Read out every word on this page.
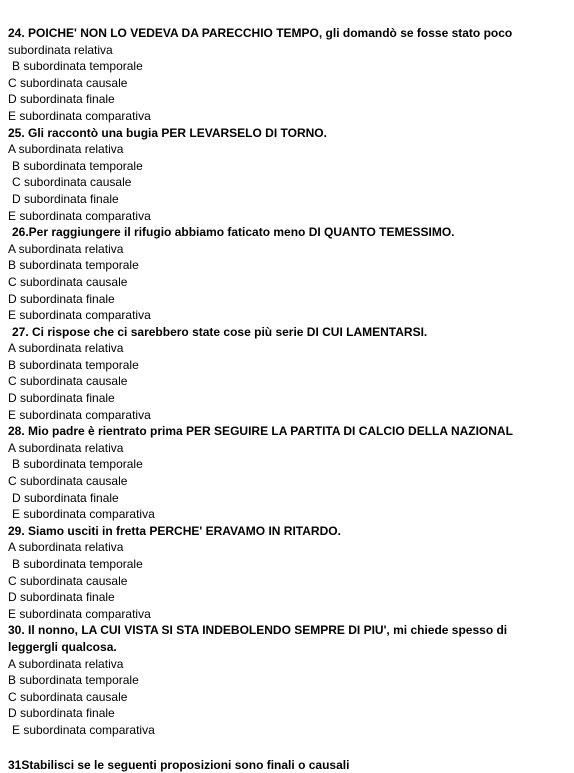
24. POICHE' NON LO VEDEVA DA PARECCHIO TEMPO, gli domandò se fosse stato poco
subordinata relativa
B subordinata temporale
C subordinata causale
D subordinata finale
E subordinata comparativa
25. Gli raccontò una bugia PER LEVARSELO DI TORNO.
A subordinata relativa
B subordinata temporale
C subordinata causale
D subordinata finale
E subordinata comparativa
26.Per raggiungere il rifugio abbiamo faticato meno DI QUANTO TEMESSIMO.
A subordinata relativa
B subordinata temporale
C subordinata causale
D subordinata finale
E subordinata comparativa
27. Ci rispose che ci sarebbero state cose più serie DI CUI LAMENTARSI.
A subordinata relativa
B subordinata temporale
C subordinata causale
D subordinata finale
E subordinata comparativa
28. Mio padre è rientrato prima PER SEGUIRE LA PARTITA DI CALCIO DELLA NAZIONAL
A subordinata relativa
B subordinata temporale
C subordinata causale
D subordinata finale
E subordinata comparativa
29. Siamo usciti in fretta PERCHE' ERAVAMO IN RITARDO.
A subordinata relativa
B subordinata temporale
C subordinata causale
D subordinata finale
E subordinata comparativa
30. Il nonno, LA CUI VISTA SI STA INDEBOLENDO SEMPRE DI PIU', mi chiede spesso di
leggergli qualcosa.
A subordinata relativa
B subordinata temporale
C subordinata causale
D subordinata finale
E subordinata comparativa
31Stabilisci se le seguenti proposizioni sono finali o causali
